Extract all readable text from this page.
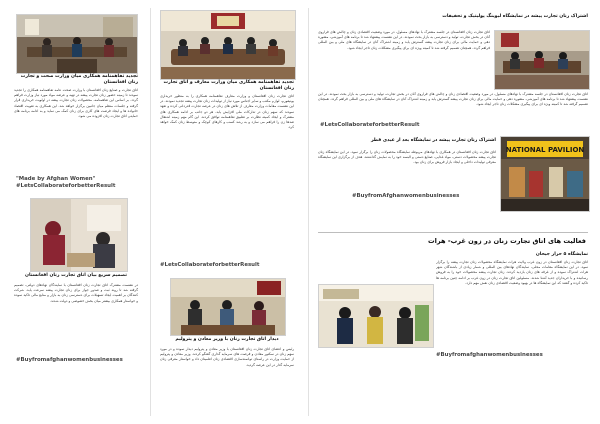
تجدید تفاهمنامه همکاری میان وزارت صحت و تجارت زنان افغانستان
اتاق تجارت و صنایع زنان افغانستان با وزارت صحت عامه تفاهمنامه همکاری را تجدید نمودند تا زمینه حضور زنان تجارت پیشه در تهیه و عرضه مواد مورد نیاز وزارت فراهم گردد. بر اساس این تفاهمنامه، محصولات زنان تجارت پیشه در اولویت خریداری قرار گرفته و جلسات منظم میان جانبین برگزار خواهد شد. این همکاری به تقویت اقتصاد خانواده ها و ایجاد فرصت های کاری برای زنان کمک می نماید و به ادامه برنامه های حمایتی اتاق تجارت زنان افزوده می شود.
"Made by Afghan Women"
#LetsCollaborateforbetterResult
تصمیم سریع بیان اتاق تجارت زنان افغانستان
در نشست مشترک اتاق تجارت زنان افغانستان با نمایندگان نهادهای دولتی، تصمیم گرفته شد تا روند ثبت و صدور جواز برای زنان تجارت پیشه سرعت یابد. شرکت کنندگان بر اهمیت ایجاد تسهیلات برای دسترسی زنان به بازار و منابع مالی تاکید نموده و خواستار همکاری بیشتر میان بخش خصوصی و دولت شدند.
#Buyfromafghanwomenbusinesses
تجدید تفاهمنامه همکاری میان وزارت معارف و اتاق تجارت زنان افغانستان
اتاق تجارت زنان افغانستان و وزارت معارف تفاهمنامه همکاری را به منظور خریداری یونیفورم، لوازم مکتب و سایر اجناس مورد نیاز از تولیدات زنان تجارت پیشه تجدید نمودند. در این نشست مقامات وزارت معارف از تلاش های زنان در عرصه تجارت قدردانی کرده و تعهد نمودند که سهم زنان در تدارکات ملی افزایش یابد. هر دو جانب بر ادامه همکاری های مشترک و ایجاد کمیته نظارت بر تطبیق تفاهمنامه توافق کردند. این گام مهم زمینه اشتغال صدها زن را فراهم می سازد و به رشد کسب و کارهای کوچک و متوسط زنان کمک خواهد کرد.
#LetsCollaborateforbetterResult
دیدار اتاق تجارت زنان با وزیر معادن و پترولیم
رئیس و اعضای اتاق تجارت زنان افغانستان با وزیر معادن و پترولیم دیدار نموده و در مورد سهم زنان در سکتور معادن و فرصت های سرمایه گذاری گفتگو کردند. وزیر معادن و پترولیم از حمایت وزارت در راستای توانمندسازی اقتصادی زنان اطمینان داد و خواستار معرفی زنان سرمایه گذار در این عرصه گردید.
اشتراک زنان تجارت پیشه در نمایشگاه لیوینگ پولیتیک و تحقیقات
اتاق تجارت زنان افغانستان در جلسه مشترک با نهادهای مسئول، در مورد وضعیت اقتصادی زنان و چالش های فراروی آنان در بخش تجارت، تولید و دسترسی به بازار بحث نمودند. در این نشست پیشنهاد شد تا برنامه های آموزشی، مشوره دهی و حمایت مالی برای زنان تجارت پیشه گسترش یابد و زمینه اشتراک آنان در نمایشگاه های ملی و بین المللی فراهم گردد. همچنان تصمیم گرفته شد تا کمیته ویژه ای برای پیگیری مشکلات زنان تاجر ایجاد شود.
اتاق تجارت زنان افغانستان در جلسه مشترک با نهادهای مسئول، در مورد وضعیت اقتصادی زنان و چالش های فراروی آنان در بخش تجارت، تولید و دسترسی به بازار بحث نمودند. در این نشست پیشنهاد شد تا برنامه های آموزشی، مشوره دهی و حمایت مالی برای زنان تجارت پیشه گسترش یابد و زمینه اشتراک آنان در نمایشگاه های ملی و بین المللی فراهم گردد. همچنان تصمیم گرفته شد تا کمیته ویژه ای برای پیگیری مشکلات زنان تاجر ایجاد شود.
#LetsCollaborateforbetterResult
اشتراک زنان تجارت پیشه در نمایشگاه بعد از عیدی فطر
اتاق تجارت زنان افغانستان در همکاری با نهادهای مربوطه نمایشگاه محصولات زنان را برگزار نمود. در این نمایشگاه زنان تجارت پیشه محصولات دستی، مواد غذایی، صنایع دستی و البسه خود را به نمایش گذاشتند. هدف از برگزاری این نمایشگاه معرفی تولیدات داخلی و ایجاد بازار فروش برای زنان بود.
NATIONAL PAVILION
#BuyfromAfghanwomenbusinesses
فعالیت های اتاق تجارت زنان در زون غرب- هرات
نمایشگاه ۵ حراز جیحان
اتاق تجارت زنان افغانستان در زون غرب ولایت هرات نمایشگاه محصولات زنان تجارت پیشه را برگزار نمود. در این نمایشگاه مقامات محلی، نمایندگان نهادهای بین المللی و شمار زیادی از باشندگان شهر هرات اشتراک نموده و از غرفه های زنان بازدید کردند. زنان تجارت پیشه محصولات خود را به فروش رسانیده و با خریداران جدید آشنا شدند. مسئولین اتاق تجارت زنان در زون غرب بر ادامه چنین برنامه ها تاکید کرده و گفتند که این نمایشگاه ها در بهبود وضعیت اقتصادی زنان نقش مهم دارد.
#Buyfromafghanwomenbusinesses
